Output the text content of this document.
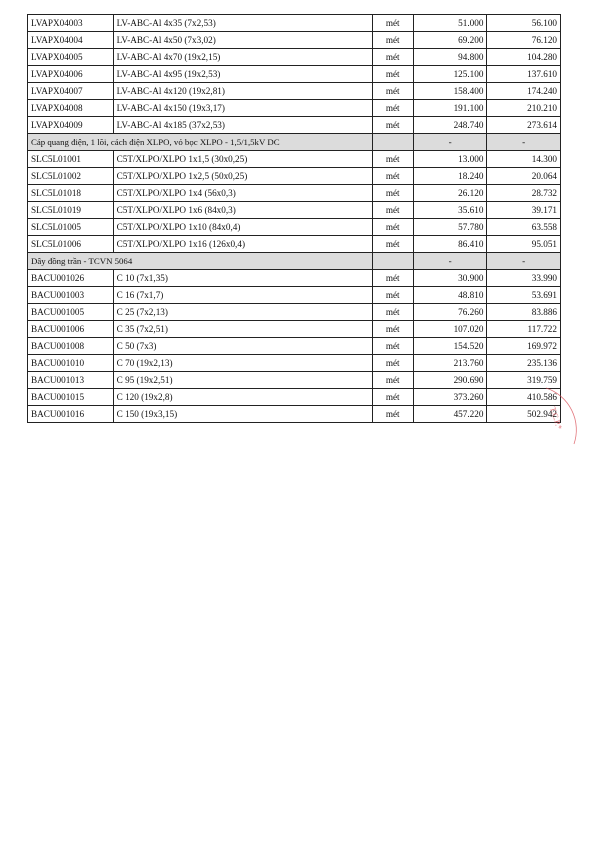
LVAPX04003	LV-ABC-Al 4x35 (7x2,53)	mét	51.000	56.100
LVAPX04004	LV-ABC-Al 4x50 (7x3,02)	mét	69.200	76.120
LVAPX04005	LV-ABC-Al 4x70 (19x2,15)	mét	94.800	104.280
LVAPX04006	LV-ABC-Al 4x95 (19x2,53)	mét	125.100	137.610
LVAPX04007	LV-ABC-Al 4x120 (19x2,81)	mét	158.400	174.240
LVAPX04008	LV-ABC-Al 4x150 (19x3,17)	mét	191.100	210.210
LVAPX04009	LV-ABC-Al 4x185 (37x2,53)	mét	248.740	273.614
Cáp quang điện, 1 lõi, cách điện XLPO, vỏ bọc XLPO - 1,5/1,5kV DC			-	-
SLC5L01001	C5T/XLPO/XLPO 1x1,5 (30x0,25)	mét	13.000	14.300
SLC5L01002	C5T/XLPO/XLPO 1x2,5 (50x0,25)	mét	18.240	20.064
SLC5L01018	C5T/XLPO/XLPO 1x4 (56x0,3)	mét	26.120	28.732
SLC5L01019	C5T/XLPO/XLPO 1x6 (84x0,3)	mét	35.610	39.171
SLC5L01005	C5T/XLPO/XLPO 1x10 (84x0,4)	mét	57.780	63.558
SLC5L01006	C5T/XLPO/XLPO 1x16 (126x0,4)	mét	86.410	95.051
Dây đồng trần - TCVN 5064			-	-
BACU001026	C 10 (7x1,35)	mét	30.900	33.990
BACU001003	C 16 (7x1,7)	mét	48.810	53.691
BACU001005	C 25 (7x2,13)	mét	76.260	83.886
BACU001006	C 35 (7x2,51)	mét	107.020	117.722
BACU001008	C 50 (7x3)	mét	154.520	169.972
BACU001010	C 70 (19x2,13)	mét	213.760	235.136
BACU001013	C 95 (19x2,51)	mét	290.690	319.759
BACU001015	C 120 (19x2,8)	mét	373.260	410.586
BACU001016	C 150 (19x3,15)	mét	457.220	502.942
T.C.P.*
